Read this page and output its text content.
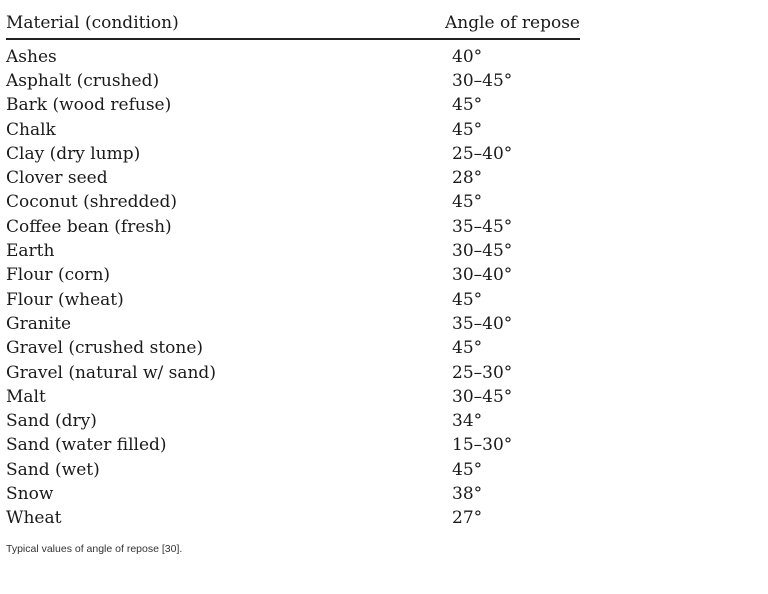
Material (condition)	Angle of repose
Ashes	40°
Asphalt (crushed)	30–45°
Bark (wood refuse)	45°
Chalk	45°
Clay (dry lump)	25–40°
Clover seed	28°
Coconut (shredded)	45°
Coffee bean (fresh)	35–45°
Earth	30–45°
Flour (corn)	30–40°
Flour (wheat)	45°
Granite	35–40°
Gravel (crushed stone)	45°
Gravel (natural w/ sand)	25–30°
Malt	30–45°
Sand (dry)	34°
Sand (water filled)	15–30°
Sand (wet)	45°
Snow	38°
Wheat	27°
Typical values of angle of repose [30].
